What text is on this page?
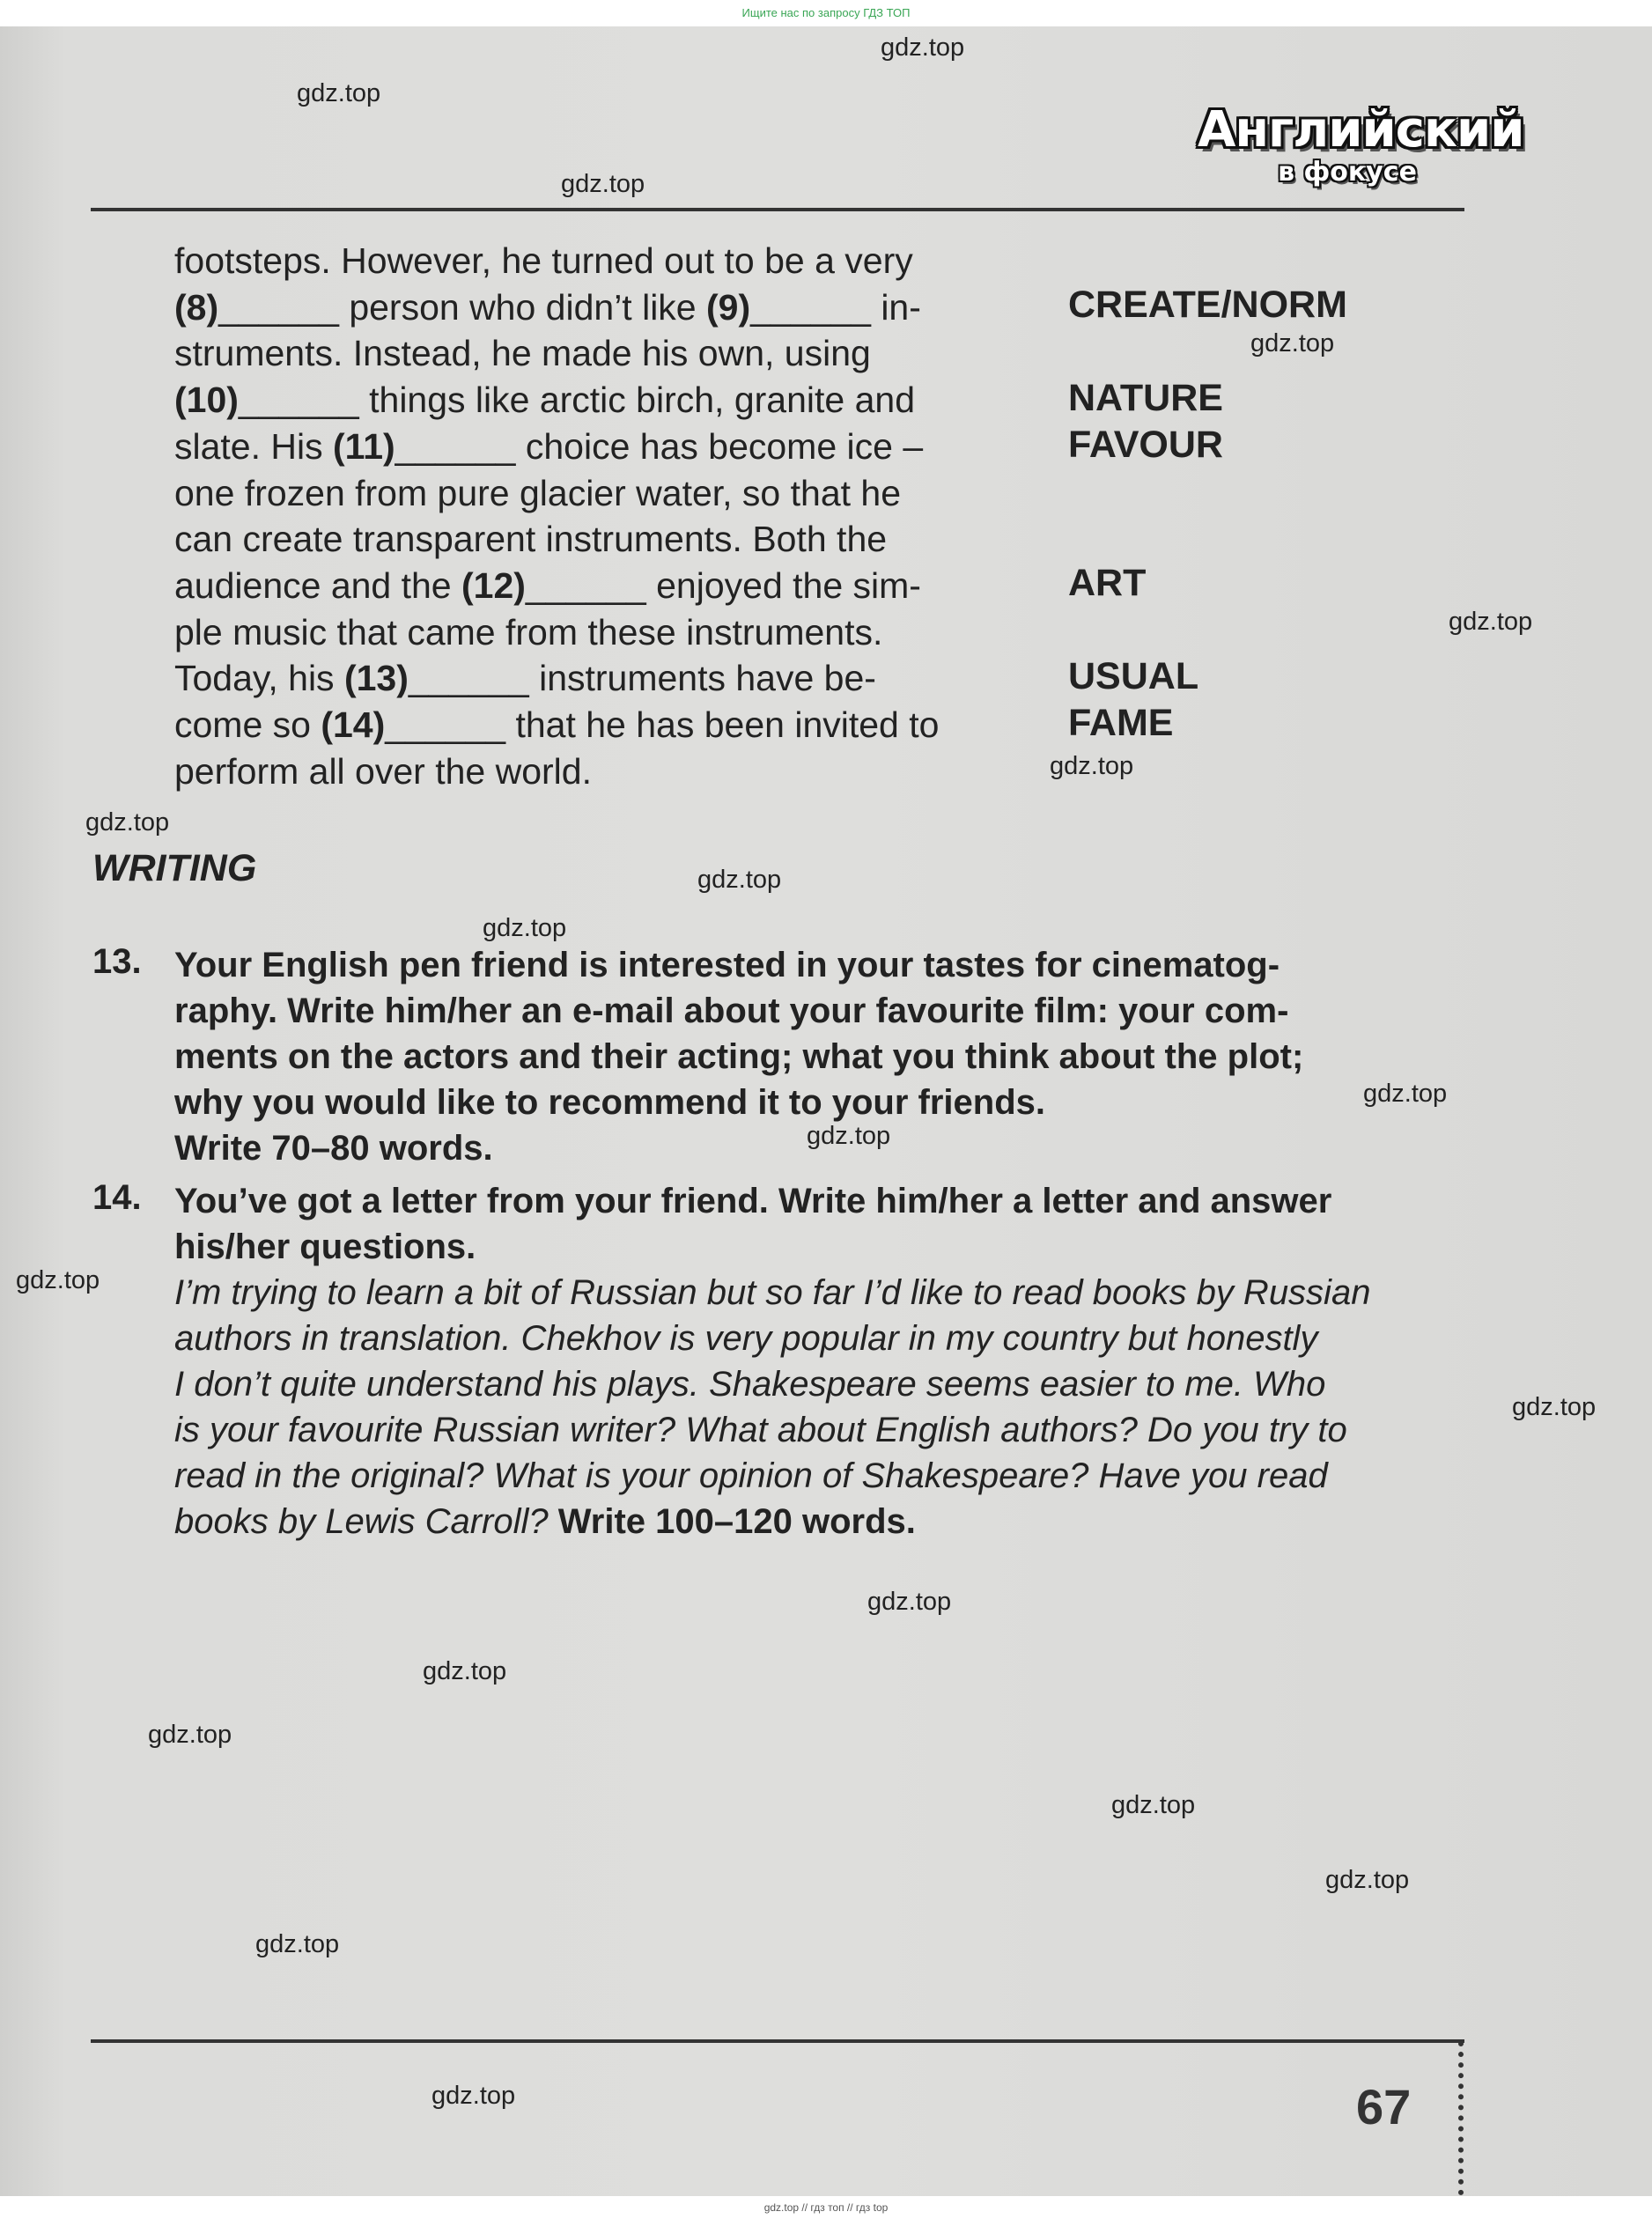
Ищите нас по запросу ГДЗ ТОП
Английский
в фокусе
footsteps. However, he turned out to be a very
(8)______ person who didn’t like (9)______ in-
struments. Instead, he made his own, using
(10)______ things like arctic birch, granite and
slate. His (11)______ choice has become ice –
one frozen from pure glacier water, so that he
can create transparent instruments. Both the
audience and the (12)______ enjoyed the sim-
ple music that came from these instruments.
Today, his (13)______ instruments have be-
come so (14)______ that he has been invited to
perform all over the world.
CREATE/NORM
NATURE
FAVOUR
ART
USUAL
FAME
WRITING
13. Your English pen friend is interested in your tastes for cinematog-
raphy. Write him/her an e-mail about your favourite film: your com-
ments on the actors and their acting; what you think about the plot;
why you would like to recommend it to your friends.
Write 70–80 words.
14. You’ve got a letter from your friend. Write him/her a letter and answer
his/her questions.
I’m trying to learn a bit of Russian but so far I’d like to read books by Russian
authors in translation. Chekhov is very popular in my country but honestly
I don’t quite understand his plays. Shakespeare seems easier to me. Who
is your favourite Russian writer? What about English authors? Do you try to
read in the original? What is your opinion of Shakespeare? Have you read
books by Lewis Carroll? Write 100–120 words.
67
gdz.top
gdz.top
gdz.top
gdz.top
gdz.top
gdz.top
gdz.top
gdz.top
gdz.top
gdz.top
gdz.top
gdz.top
gdz.top
gdz.top
gdz.top
gdz.top
gdz.top
gdz.top
gdz.top
gdz.top
gdz.top // гдз топ // гдз top
